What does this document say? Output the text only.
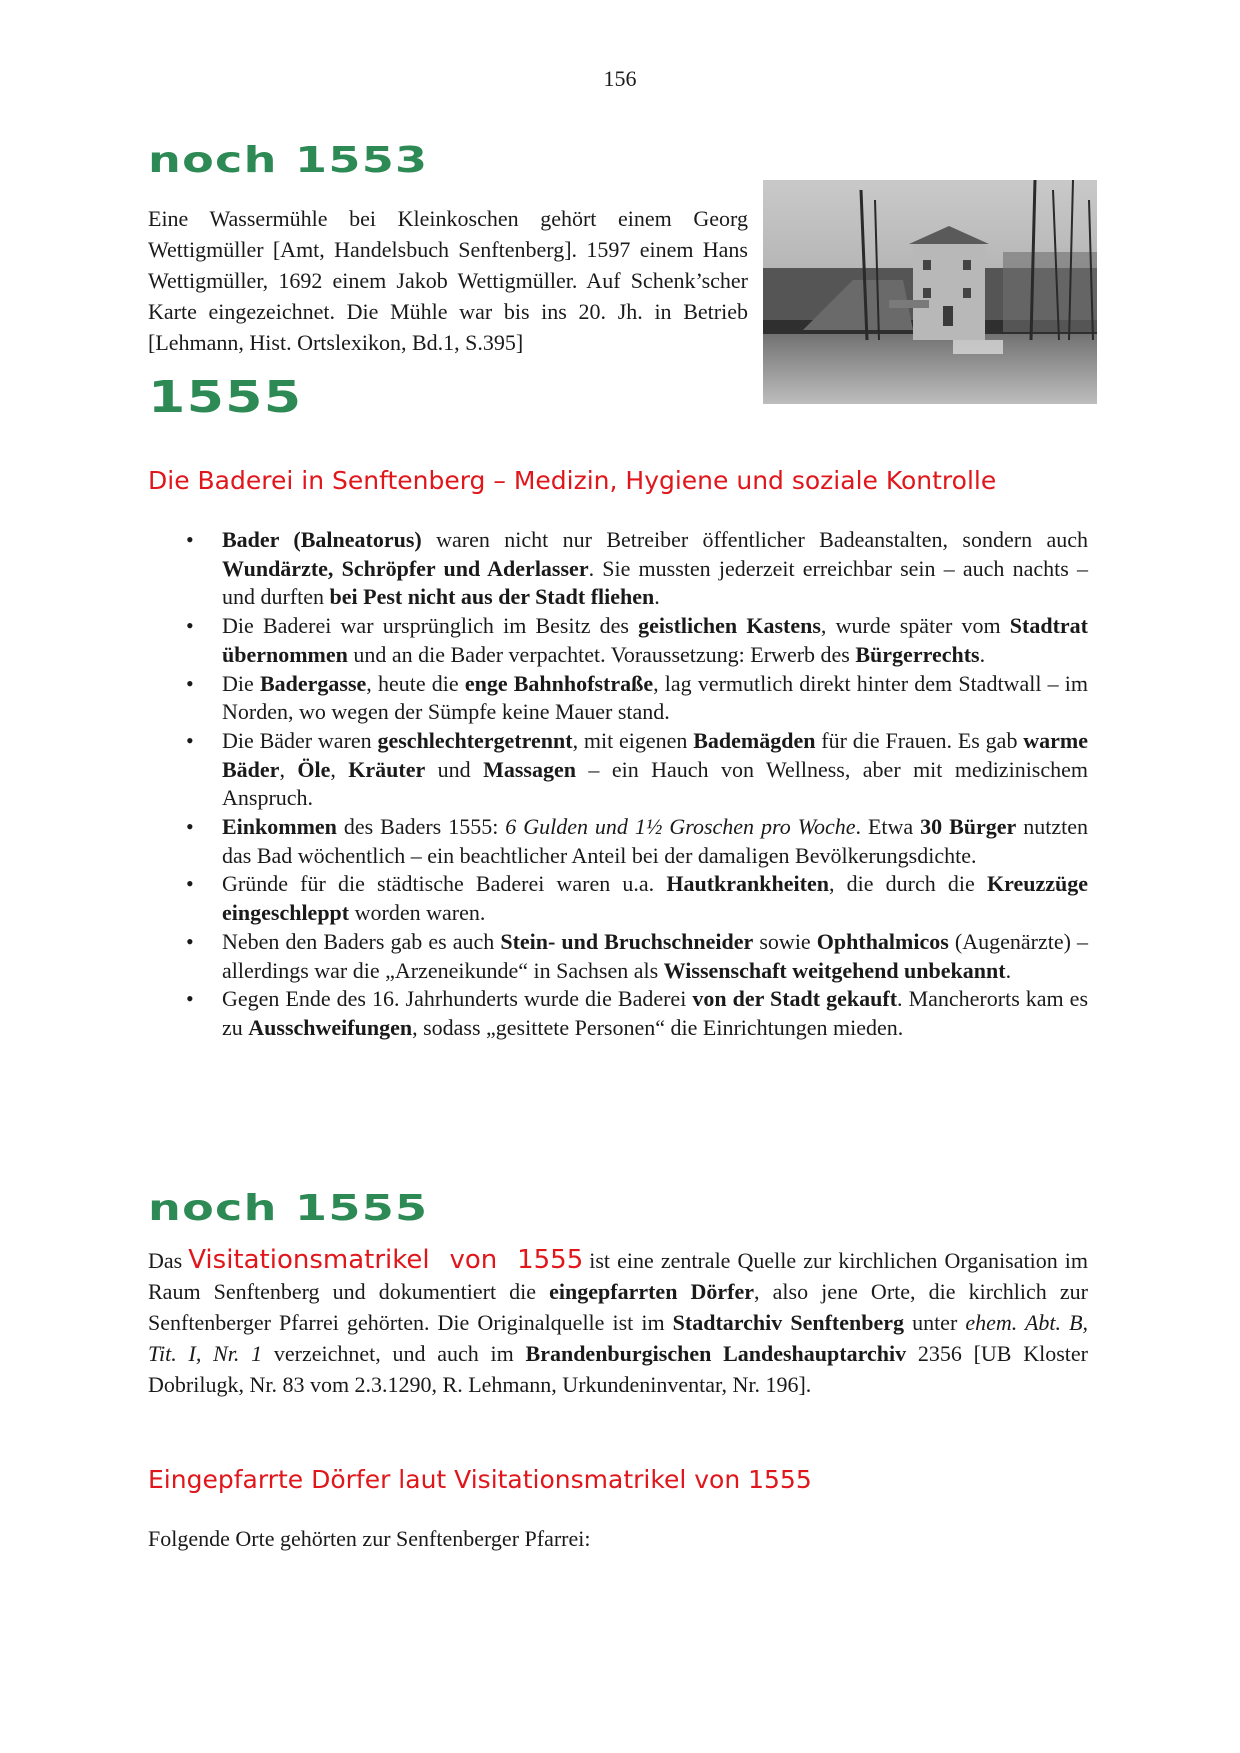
156
noch 1553

Eine Wassermühle bei Kleinkoschen gehört einem Georg Wettigmüller [Amt, Handelsbuch Senftenberg]. 1597 einem Hans Wettigmüller, 1692 einem Jakob Wettigmüller. Auf Schenk’scher Karte eingezeichnet. Die Mühle war bis ins 20. Jh. in Betrieb [Lehmann, Hist. Ortslexikon, Bd.1, S.395]

1555
Die Baderei in Senftenberg – Medizin, Hygiene und soziale Kontrolle
• Bader (Balneatorus) waren nicht nur Betreiber öffentlicher Badeanstalten, sondern auch Wundärzte, Schröpfer und Aderlasser. Sie mussten jederzeit erreichbar sein – auch nachts – und durften bei Pest nicht aus der Stadt fliehen.
• Die Baderei war ursprünglich im Besitz des geistlichen Kastens, wurde später vom Stadtrat übernommen und an die Bader verpachtet. Voraussetzung: Erwerb des Bürgerrechts.
• Die Badergasse, heute die enge Bahnhofstraße, lag vermutlich direkt hinter dem Stadtwall – im Norden, wo wegen der Sümpfe keine Mauer stand.
• Die Bäder waren geschlechtergetrennt, mit eigenen Bademägden für die Frauen. Es gab warme Bäder, Öle, Kräuter und Massagen – ein Hauch von Wellness, aber mit medizinischem Anspruch.
• Einkommen des Baders 1555: 6 Gulden und 1½ Groschen pro Woche. Etwa 30 Bürger nutzten das Bad wöchentlich – ein beachtlicher Anteil bei der damaligen Bevölkerungsdichte.
• Gründe für die städtische Baderei waren u.a. Hautkrankheiten, die durch die Kreuzzüge eingeschleppt worden waren.
• Neben den Baders gab es auch Stein- und Bruchschneider sowie Ophthalmicos (Augenärzte) – allerdings war die „Arzeneikunde“ in Sachsen als Wissenschaft weitgehend unbekannt.
• Gegen Ende des 16. Jahrhunderts wurde die Baderei von der Stadt gekauft. Mancherorts kam es zu Ausschweifungen, sodass „gesittete Personen“ die Einrichtungen mieden.
noch 1555

Das Visitationsmatrikel von 1555 ist eine zentrale Quelle zur kirchlichen Organisation im Raum Senftenberg und dokumentiert die eingepfarrten Dörfer, also jene Orte, die kirchlich zur Senftenberger Pfarrei gehörten. Die Originalquelle ist im Stadtarchiv Senftenberg unter ehem. Abt. B, Tit. I, Nr. 1 verzeichnet, und auch im Brandenburgischen Landeshauptarchiv 2356 [UB Kloster Dobrilugk, Nr. 83 vom 2.3.1290, R. Lehmann, Urkundeninventar, Nr. 196].

Eingepfarrte Dörfer laut Visitationsmatrikel von 1555

Folgende Orte gehörten zur Senftenberger Pfarrei:
